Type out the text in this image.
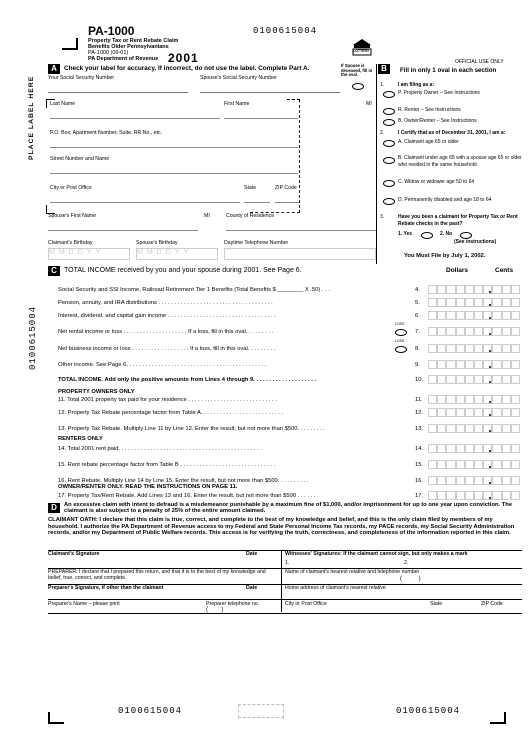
PA-1000
Property Tax or Rent Rebate Claim
Benefits Older Pennsylvanians
PA-1000 (09-01)
PA Department of Revenue 2001
0100615004
LOTTERY
OFFICIAL USE ONLY
A	Check your label for accuracy. If incorrect, do not use the label. Complete Part A.	If Spouse is deceased, fill in the oval.
Your Social Security Number	Spouse's Social Security Number
PLACE LABEL HERE	Last Name	First Name	MI
P.O. Box, Apartment Number, Suite, RR No., etc.
Street Number and Name
City or Post Office	State	ZIP Code
Spouse's First Name	MI	County of Residence
Claimant's Birthday	Spouse's Birthday	Daytime Telephone Number
MMDDYY	MMDDYY
B	Fill in only 1 oval in each section
1.	I am filing as a:
P. Property Owner – See Instructions
R. Renter – See Instructions
B. Owner/Renter – See Instructions
2.	I Certify that as of December 31, 2001, I am a:
A. Claimant age 65 or older
B. Claimant under age 65 with a spouse age 65 or older who resided in the same household
C. Widow or widower age 50 to 64
D. Permanently disabled and age 18 to 64
3.	Have you been a claimant for Property Tax or Rent Rebate checks in the past?
1. Yes	2. No
(See instructions)
You Must File by July 1, 2002.
C	TOTAL INCOME received by you and your spouse during 2001. See Page 6.	Dollars	Cents
0100615004
Social Security and SSI Income, Railroad Retirement Tier 1 Benefits (Total Benefits $ ________ X .50) . . .	4.
Pension, annuity, and IRA distributions . . . . . . . . . . . . . . . . . . . . . . . . . . . . . . . . . . . .	5.
Interest, dividend, and capital gain income . . . . . . . . . . . . . . . . . . . . . . . . . . . . . . . . . .	6.
Net rental income or loss . . . . . . . . . . . . . . . . . . . . If a loss, fill in this oval. . . . . . . . .	7.
Net business income or loss . . . . . . . . . . . . . . . . . . If a loss, fill in this oval. . . . . . . . .	8.
Other income. See Page 6. . . . . . . . . . . . . . . . . . . . . . . . . . . . . . . . . . . . . . . . . . . .	9.
TOTAL INCOME. Add only the positive amounts from Lines 4 through 9. . . . . . . . . . . . . . . . . . . .	10.
11. Total 2001 property tax paid for your residence . . . . . . . . . . . . . . . . . . . . . . . . . . . .	11.
12. Property Tax Rebate percentage factor from Table A. . . . . . . . . . . . . . . . . . . . . . . . . .	12.
13. Property Tax Rebate. Multiply Line 11 by Line 12. Enter the result, but not more than $500. . . . . . . . .	13.
14. Total 2001 rent paid. . . . . . . . . . . . . . . . . . . . . . . . . . . . . . . . . . . . . . . . . . . . .	14.
15. Rent rebate percentage factor from Table B . . . . . . . . . . . . . . . . . . . . . . . . . . . . . .	15.
16. Rent Rebate. Multiply Line 14 by Line 15. Enter the result, but not more than $500. . . . . . . . . .	16.
17. Property Tax/Rent Rebate. Add Lines 13 and 16. Enter the result, but not more than $500 . . . . . .	17.
PROPERTY OWNERS ONLY
RENTERS ONLY
OWNER/RENTER ONLY. READ THE INSTRUCTIONS ON PAGE 11.
LOSS
LOSS
D	An excessive claim with intent to defraud is a misdemeanor punishable by a maximum fine of $1,000, and/or imprisonment for up to one year upon conviction. The claimant is also subject to a penalty of 25% of the entire amount claimed.
CLAIMANT OATH: I declare that this claim is true, correct, and complete to the best of my knowledge and belief, and this is the only claim filed by members of my household. I authorize the PA Department of Revenue access to my Federal and State Personal Income Tax records, my PACE records, my Social Security Administration records, and/or my Department of Public Welfare records. This access is for verifying the truth, correctness, and completeness of the information reported in this claim.
Claimant's Signature	Date	Witnesses' Signatures: If the claimant cannot sign, but only makes a mark
1.	2.
PREPARER: I declare that I prepared this return, and that it is to the best of my knowledge and belief, true, correct, and complete.
Name of claimant's nearest relative and telephone number
(          )
Preparer's Signature, if other than the claimant	Date	Home address of claimant's nearest relative
Preparer's Name – please print	Preparer telephone no.
(        )
City or Post Office	State	ZIP Code
0100615004	0100615004
